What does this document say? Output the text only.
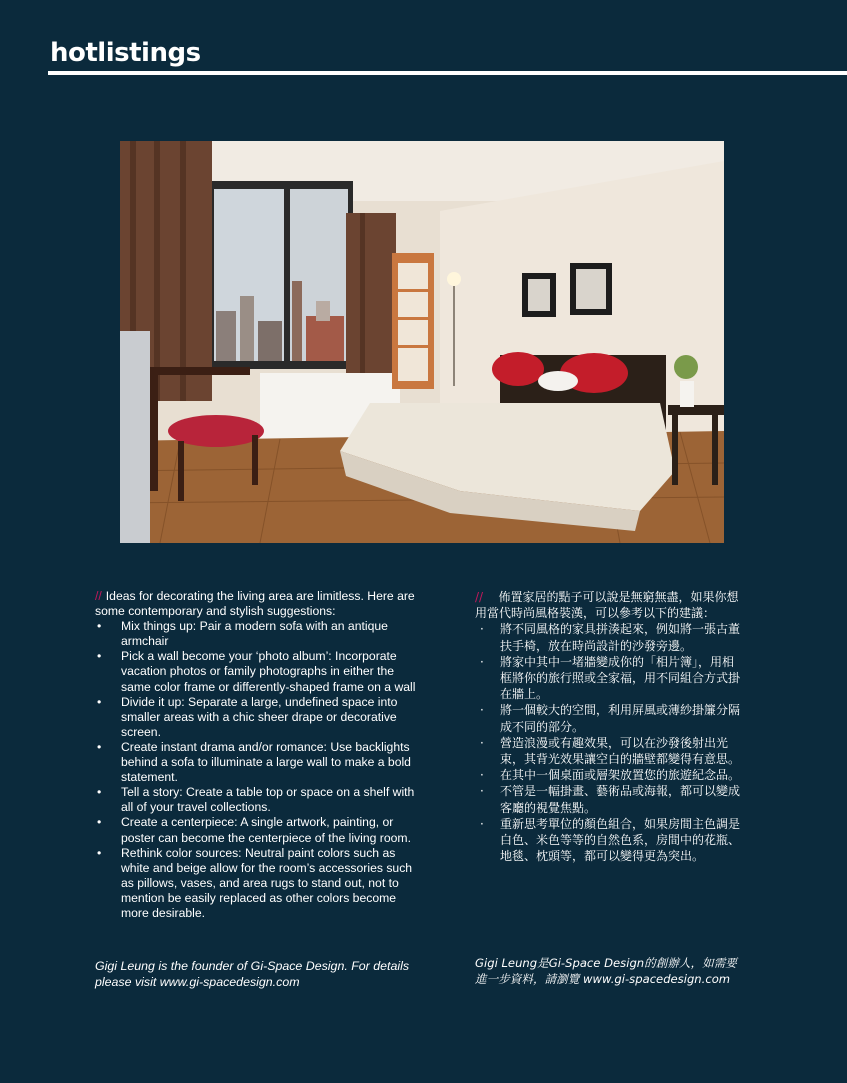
hotlistings
// Ideas for decorating the living area are limitless. Here are some contemporary and stylish suggestions:
• Mix things up: Pair a modern sofa with an antique armchair
• Pick a wall become your ‘photo album’: Incorporate vacation photos or family photographs in either the same color frame or differently-shaped frame on a wall
• Divide it up: Separate a large, undefined space into smaller areas with a chic sheer drape or decorative screen.
• Create instant drama and/or romance: Use backlights behind a sofa to illuminate a large wall to make a bold statement.
• Tell a story: Create a table top or space on a shelf with all of your travel collections.
• Create a centerpiece: A single artwork, painting, or poster can become the centerpiece of the living room.
• Rethink color sources: Neutral paint colors such as white and beige allow for the room’s accessories such as pillows, vases, and area rugs to stand out, not to mention be easily replaced as other colors become more desirable.
// 佈置家居的點子可以說是無窮無盡，如果你想用當代時尚風格裝漢，可以參考以下的建議：
· 將不同風格的家具拼湊起來，例如將一張古董扶手椅，放在時尚設計的沙發旁邊。
· 將家中其中一堵牆變成你的「相片簿」，用相框將你的旅行照或全家福，用不同組合方式掛在牆上。
· 將一個較大的空間，利用屏風或薄紗掛簾分隔成不同的部分。
· 營造浪漫或有趣效果，可以在沙發後射出光束，其背光效果讓空白的牆壁都變得有意思。
· 在其中一個桌面或層架放置您的旅遊紀念品。
· 不管是一幅掛畫、藝術品或海報，都可以變成客廳的視覺焦點。
· 重新思考單位的顏色組合，如果房間主色調是白色、米色等等的自然色系，房間中的花瓶、地毯、枕頭等，都可以變得更為突出。
Gigi Leung is the founder of Gi-Space Design. For details please visit www.gi-spacedesign.com
Gigi Leung是Gi-Space Design的創辦人，如需要進一步資料，請瀏覽 www.gi-spacedesign.com
